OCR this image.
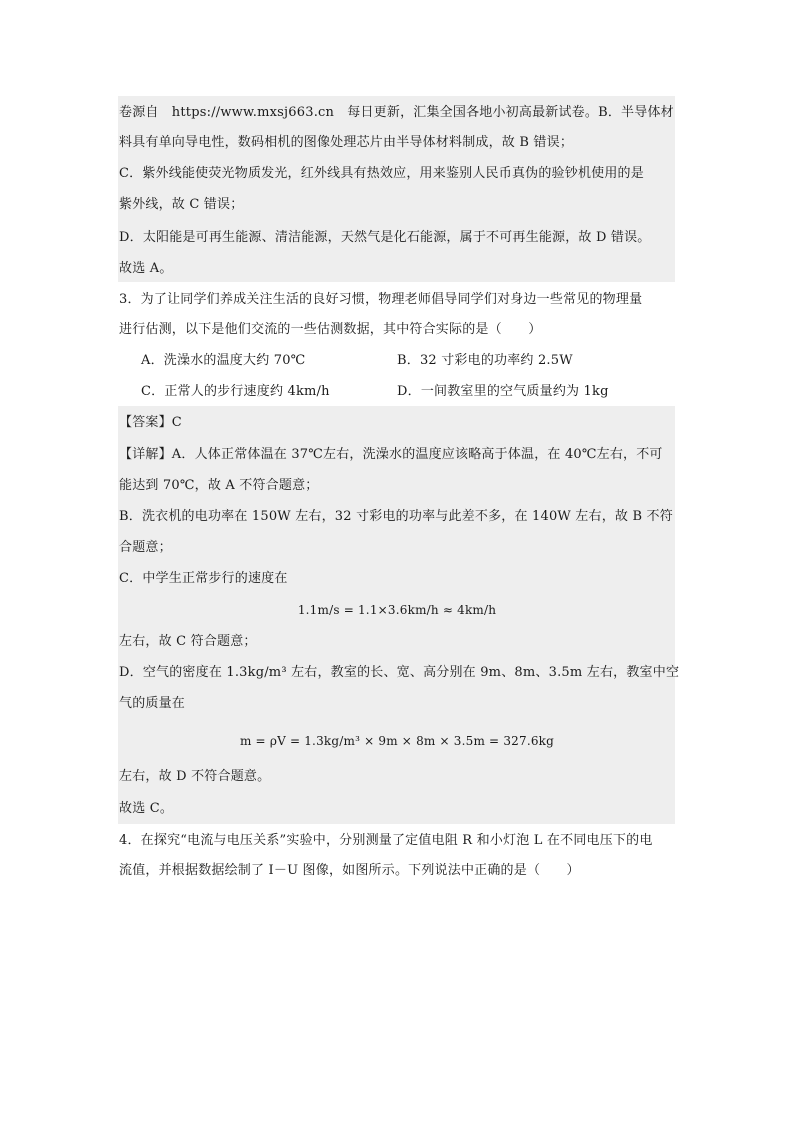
卷源自　https://www.mxsj663.cn　每日更新，汇集全国各地小初高最新试卷。B．半导体材
料具有单向导电性，数码相机的图像处理芯片由半导体材料制成，故 B 错误；
C．紫外线能使荧光物质发光，红外线具有热效应，用来鉴别人民币真伪的验钞机使用的是
紫外线，故 C 错误；
D．太阳能是可再生能源、清洁能源，天然气是化石能源，属于不可再生能源，故 D 错误。
故选 A。
3．为了让同学们养成关注生活的良好习惯，物理老师倡导同学们对身边一些常见的物理量
进行估测，以下是他们交流的一些估测数据，其中符合实际的是（　　）
A．洗澡水的温度大约 70℃	B．32 寸彩电的功率约 2.5W
C．正常人的步行速度约 4km/h	D．一间教室里的空气质量约为 1kg
【答案】C
【详解】A．人体正常体温在 37℃左右，洗澡水的温度应该略高于体温，在 40℃左右，不可
能达到 70℃，故 A 不符合题意；
B．洗衣机的电功率在 150W 左右，32 寸彩电的功率与此差不多，在 140W 左右，故 B 不符
合题意；
C．中学生正常步行的速度在
1.1m/s = 1.1×3.6km/h ≈ 4km/h
左右，故 C 符合题意；
D．空气的密度在 1.3kg/m³ 左右，教室的长、宽、高分别在 9m、8m、3.5m 左右，教室中空
气的质量在
m = ρV = 1.3kg/m³ × 9m × 8m × 3.5m = 327.6kg
左右，故 D 不符合题意。
故选 C。
4．在探究“电流与电压关系”实验中，分别测量了定值电阻 R 和小灯泡 L 在不同电压下的电
流值，并根据数据绘制了 I－U 图像，如图所示。下列说法中正确的是（　　）
